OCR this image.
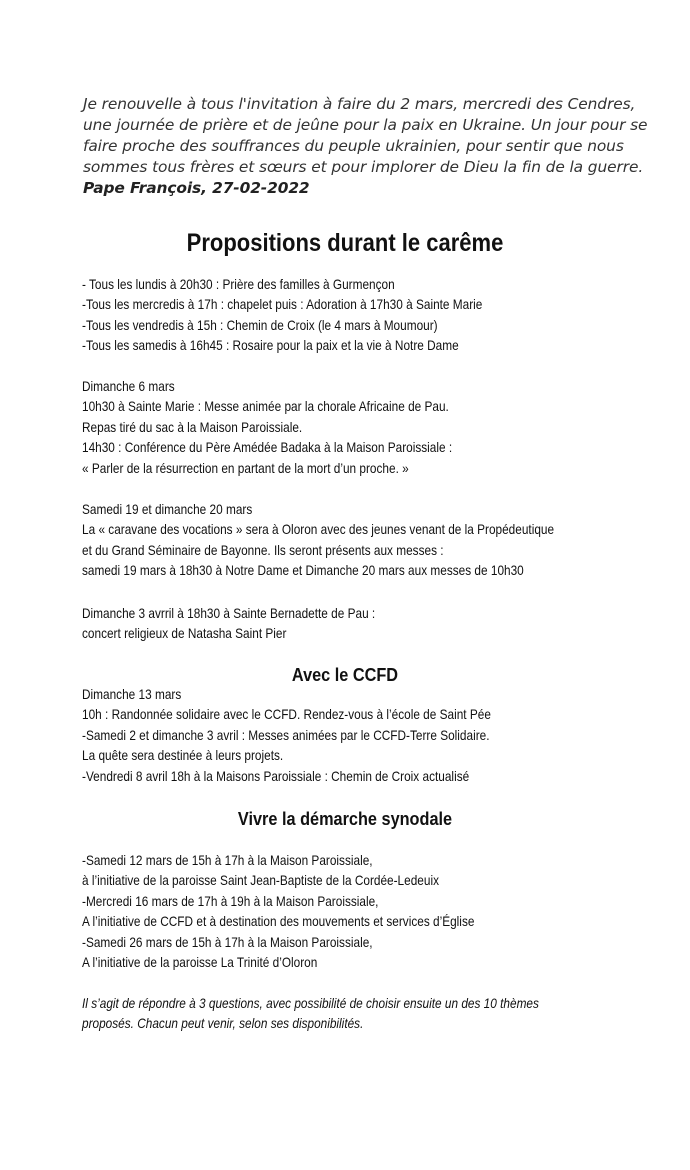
Je renouvelle à tous l'invitation à faire du 2 mars, mercredi des Cendres,

une journée de prière et de jeûne pour la paix en Ukraine. Un jour pour se

faire proche des souffrances du peuple ukrainien, pour sentir que nous

sommes tous frères et sœurs et pour implorer de Dieu la fin de la guerre.

Pape François, 27-02-2022

Propositions durant le carême
- Tous les lundis à 20h30 : Prière des familles à Gurmençon
-Tous les mercredis à 17h : chapelet puis : Adoration à 17h30 à Sainte Marie
-Tous les vendredis à 15h : Chemin de Croix (le 4 mars à Moumour)
-Tous les samedis à 16h45 : Rosaire pour la paix et la vie à Notre Dame
Dimanche 6 mars
10h30 à Sainte Marie : Messe animée par la chorale Africaine de Pau.
Repas tiré du sac à la Maison Paroissiale.
14h30 : Conférence du Père Amédée Badaka à la Maison Paroissiale :
« Parler de la résurrection en partant de la mort d’un proche. »
Samedi 19 et dimanche 20 mars
La « caravane des vocations » sera à Oloron avec des jeunes venant de la Propédeutique
et du Grand Séminaire de Bayonne. Ils seront présents aux messes :
samedi 19 mars à 18h30 à Notre Dame et Dimanche 20 mars aux messes de 10h30
Dimanche 3 avrril à 18h30 à Sainte Bernadette de Pau :
concert religieux de Natasha Saint Pier
Avec le CCFD
Dimanche 13 mars
10h : Randonnée solidaire avec le CCFD. Rendez-vous à l’école de Saint Pée
-Samedi 2 et dimanche 3 avril : Messes animées par le CCFD-Terre Solidaire.
La quête sera destinée à leurs projets.
-Vendredi 8 avril 18h à la Maisons Paroissiale : Chemin de Croix actualisé
Vivre la démarche synodale
-Samedi 12 mars de 15h à 17h à la Maison Paroissiale,
à l’initiative de la paroisse Saint Jean-Baptiste de la Cordée-Ledeuix
-Mercredi 16 mars de 17h à 19h à la Maison Paroissiale,
A l’initiative de CCFD et à destination des mouvements et services d’Église
-Samedi 26 mars de 15h à 17h à la Maison Paroissiale,
A l’initiative de la paroisse La Trinité d’Oloron
Il s’agit de répondre à 3 questions, avec possibilité de choisir ensuite un des 10 thèmes
proposés. Chacun peut venir, selon ses disponibilités.
